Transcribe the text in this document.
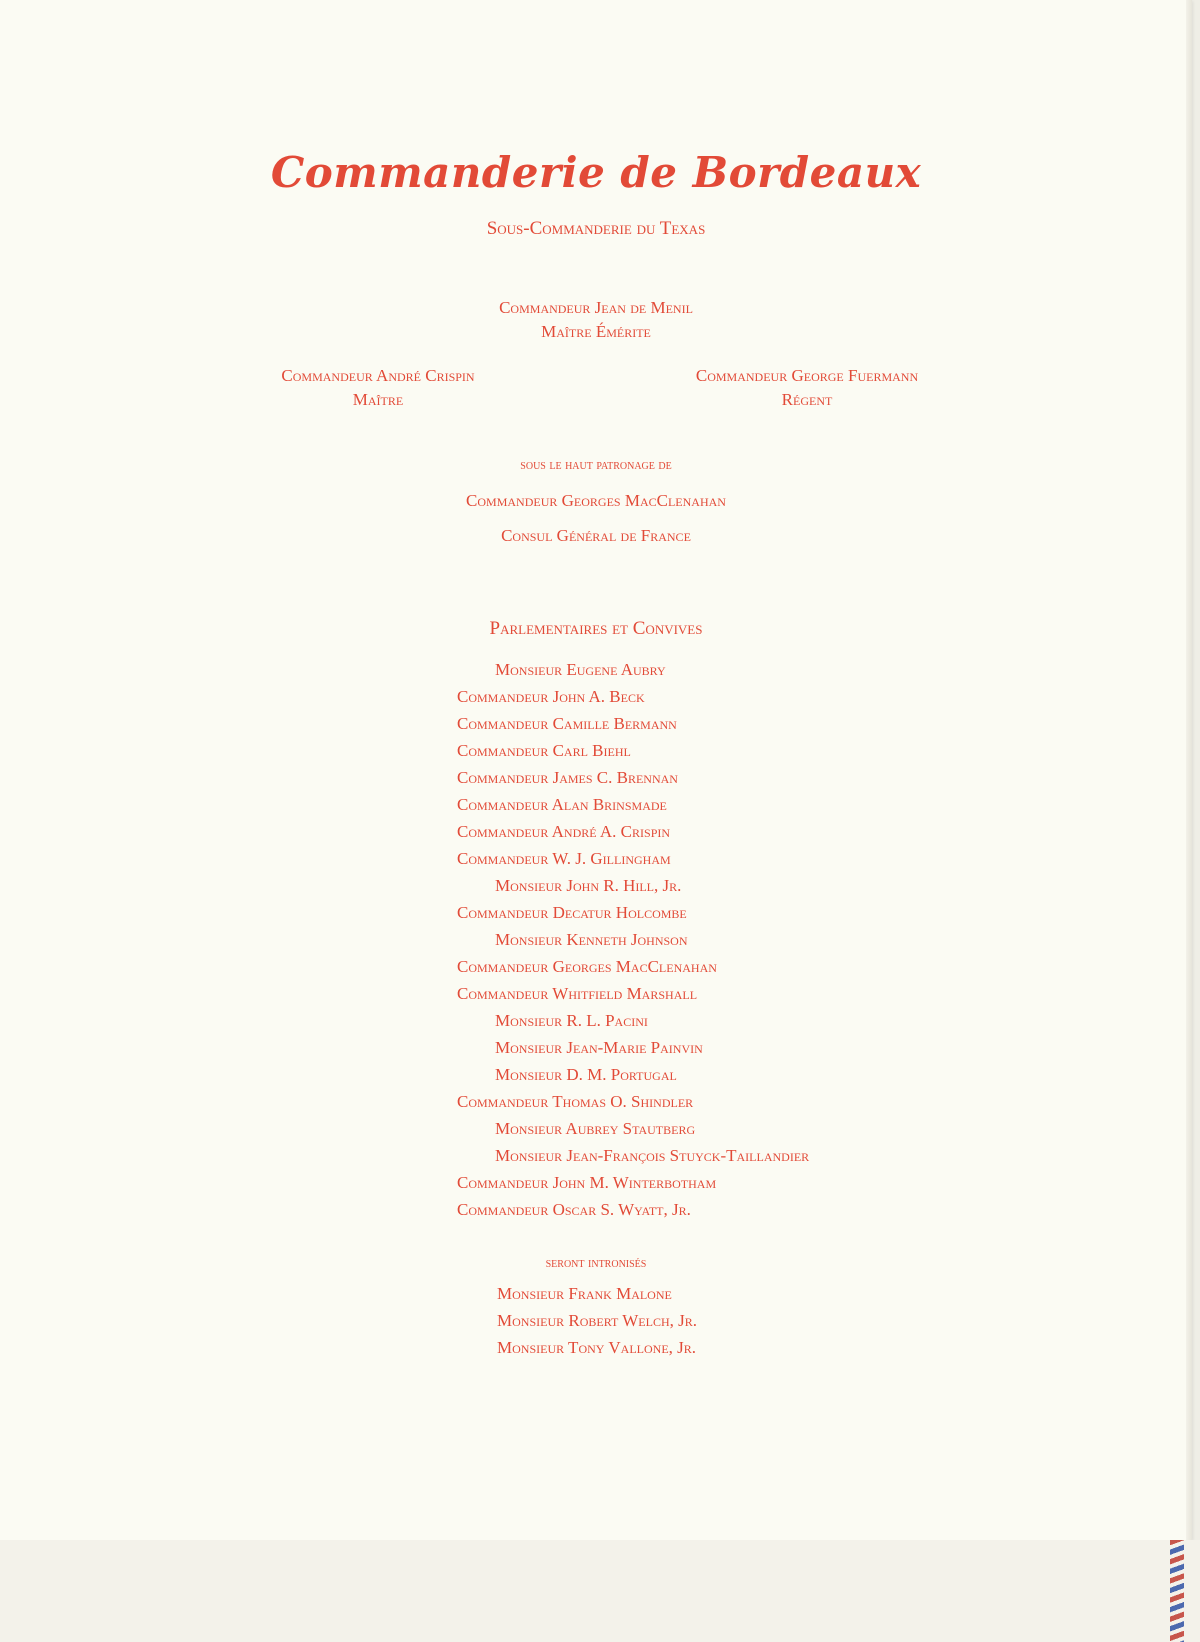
Commanderie de Bordeaux
Sous-Commanderie du Texas
Commandeur Jean de Menil
Maître Émérite
Commandeur André Crispin
Maître
Commandeur George Fuermann
Régent
sous le haut patronage de
Commandeur Georges MacClenahan
Consul Général de France
Parlementaires et Convives
Monsieur Eugene Aubry
Commandeur John A. Beck
Commandeur Camille Bermann
Commandeur Carl Biehl
Commandeur James C. Brennan
Commandeur Alan Brinsmade
Commandeur André A. Crispin
Commandeur W. J. Gillingham
Monsieur John R. Hill, Jr.
Commandeur Decatur Holcombe
Monsieur Kenneth Johnson
Commandeur Georges MacClenahan
Commandeur Whitfield Marshall
Monsieur R. L. Pacini
Monsieur Jean-Marie Painvin
Monsieur D. M. Portugal
Commandeur Thomas O. Shindler
Monsieur Aubrey Stautberg
Monsieur Jean-François Stuyck-Taillandier
Commandeur John M. Winterbotham
Commandeur Oscar S. Wyatt, Jr.
seront intronisés
Monsieur Frank Malone
Monsieur Robert Welch, Jr.
Monsieur Tony Vallone, Jr.
